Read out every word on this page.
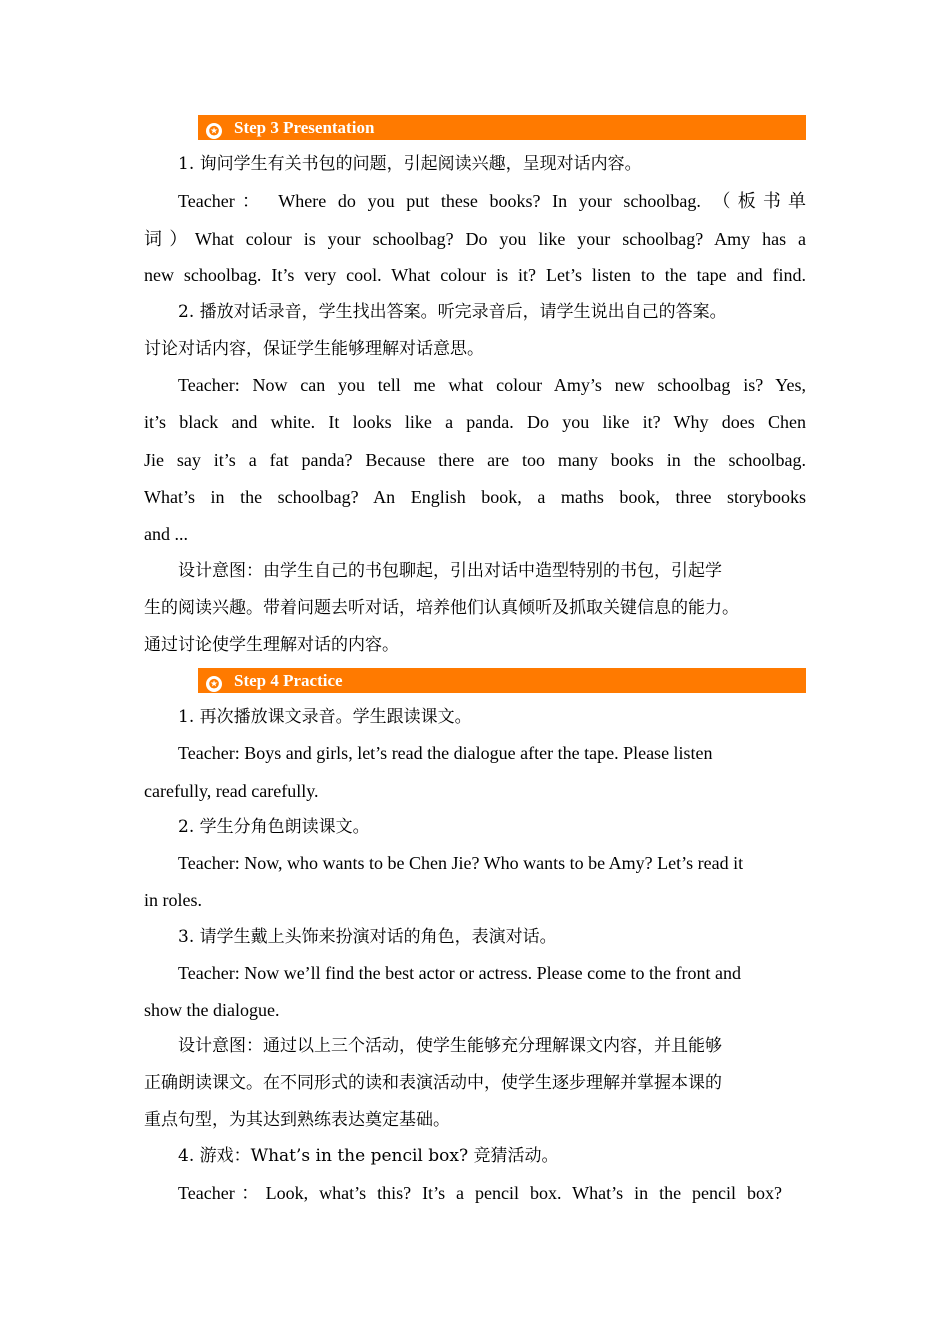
✪ Step 3 Presentation
1. 询问学生有关书包的问题，引起阅读兴趣，呈现对话内容。
Teacher： Where do you put these books? In your schoolbag. （板书单
词）What colour is your schoolbag? Do you like your schoolbag? Amy has a
new schoolbag. It’s very cool. What colour is it? Let’s listen to the tape and find.
2. 播放对话录音，学生找出答案。听完录音后，请学生说出自己的答案。
讨论对话内容，保证学生能够理解对话意思。
Teacher: Now can you tell me what colour Amy’s new schoolbag is? Yes,
it’s black and white. It looks like a panda. Do you like it? Why does Chen
Jie say it’s a fat panda? Because there are too many books in the schoolbag.
What’s in the schoolbag? An English book, a maths book, three storybooks
and ...
设计意图：由学生自己的书包聊起，引出对话中造型特别的书包，引起学
生的阅读兴趣。带着问题去听对话，培养他们认真倾听及抓取关键信息的能力。
通过讨论使学生理解对话的内容。
✪ Step 4 Practice
1. 再次播放课文录音。学生跟读课文。
Teacher: Boys and girls, let’s read the dialogue after the tape. Please listen
carefully, read carefully.
2. 学生分角色朗读课文。
Teacher: Now, who wants to be Chen Jie? Who wants to be Amy? Let’s read it
in roles.
3. 请学生戴上头饰来扮演对话的角色，表演对话。
Teacher: Now we’ll find the best actor or actress. Please come to the front and
show the dialogue.
设计意图：通过以上三个活动，使学生能够充分理解课文内容，并且能够
正确朗读课文。在不同形式的读和表演活动中，使学生逐步理解并掌握本课的
重点句型，为其达到熟练表达奠定基础。
4. 游戏：What’s in the pencil box? 竞猜活动。
Teacher：Look, what’s this? It’s a pencil box. What’s in the pencil box?
